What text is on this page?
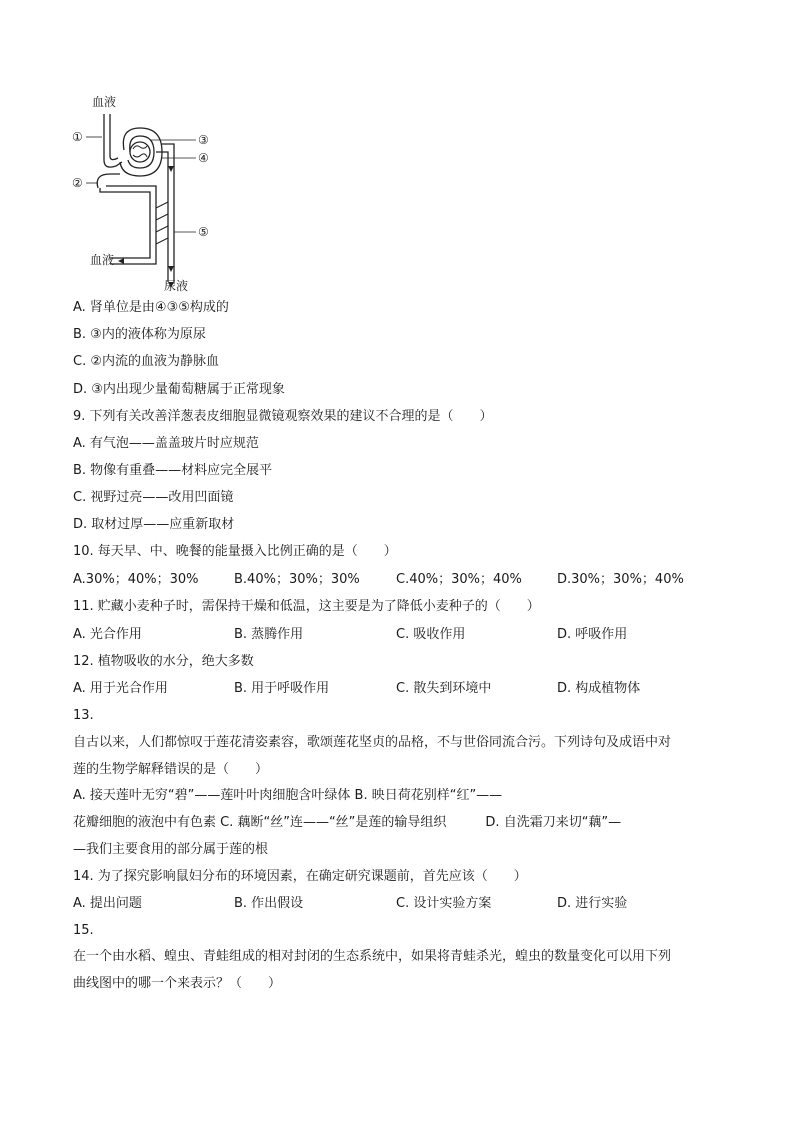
血液
①
②
③
④
⑤
血液
尿液
A. 肾单位是由④③⑤构成的
B. ③内的液体称为原尿
C. ②内流的血液为静脉血
D. ③内出现少量葡萄糖属于正常现象
9. 下列有关改善洋葱表皮细胞显微镜观察效果的建议不合理的是（　　）
A. 有气泡——盖盖玻片时应规范
B. 物像有重叠——材料应完全展平
C. 视野过亮——改用凹面镜
D. 取材过厚——应重新取材
10. 每天早、中、晚餐的能量摄入比例正确的是（　　）
A.30%；40%；30%	B.40%；30%；30%	C.40%；30%；40%	D.30%；30%；40%
11. 贮藏小麦种子时，需保持干燥和低温，这主要是为了降低小麦种子的（　　）
A. 光合作用	B. 蒸腾作用	C. 吸收作用	D. 呼吸作用
12. 植物吸收的水分，绝大多数
A. 用于光合作用	B. 用于呼吸作用	C. 散失到环境中	D. 构成植物体
13.
自古以来，人们都惊叹于莲花清姿素容，歌颂莲花坚贞的品格，不与世俗同流合污。下列诗句及成语中对
莲的生物学解释错误的是（　　）
A. 接天莲叶无穷“碧”——莲叶叶肉细胞含叶绿体 B. 映日荷花别样“红”——
花瓣细胞的液泡中有色素 C. 藕断“丝”连——“丝”是莲的输导组织　　　D. 自洗霜刀来切“藕”—
—我们主要食用的部分属于莲的根
14. 为了探究影响鼠妇分布的环境因素，在确定研究课题前，首先应该（　　）
A. 提出问题	B. 作出假设	C. 设计实验方案	D. 进行实验
15.
在一个由水稻、蝗虫、青蛙组成的相对封闭的生态系统中，如果将青蛙杀光，蝗虫的数量变化可以用下列
曲线图中的哪一个来表示？（　　）
